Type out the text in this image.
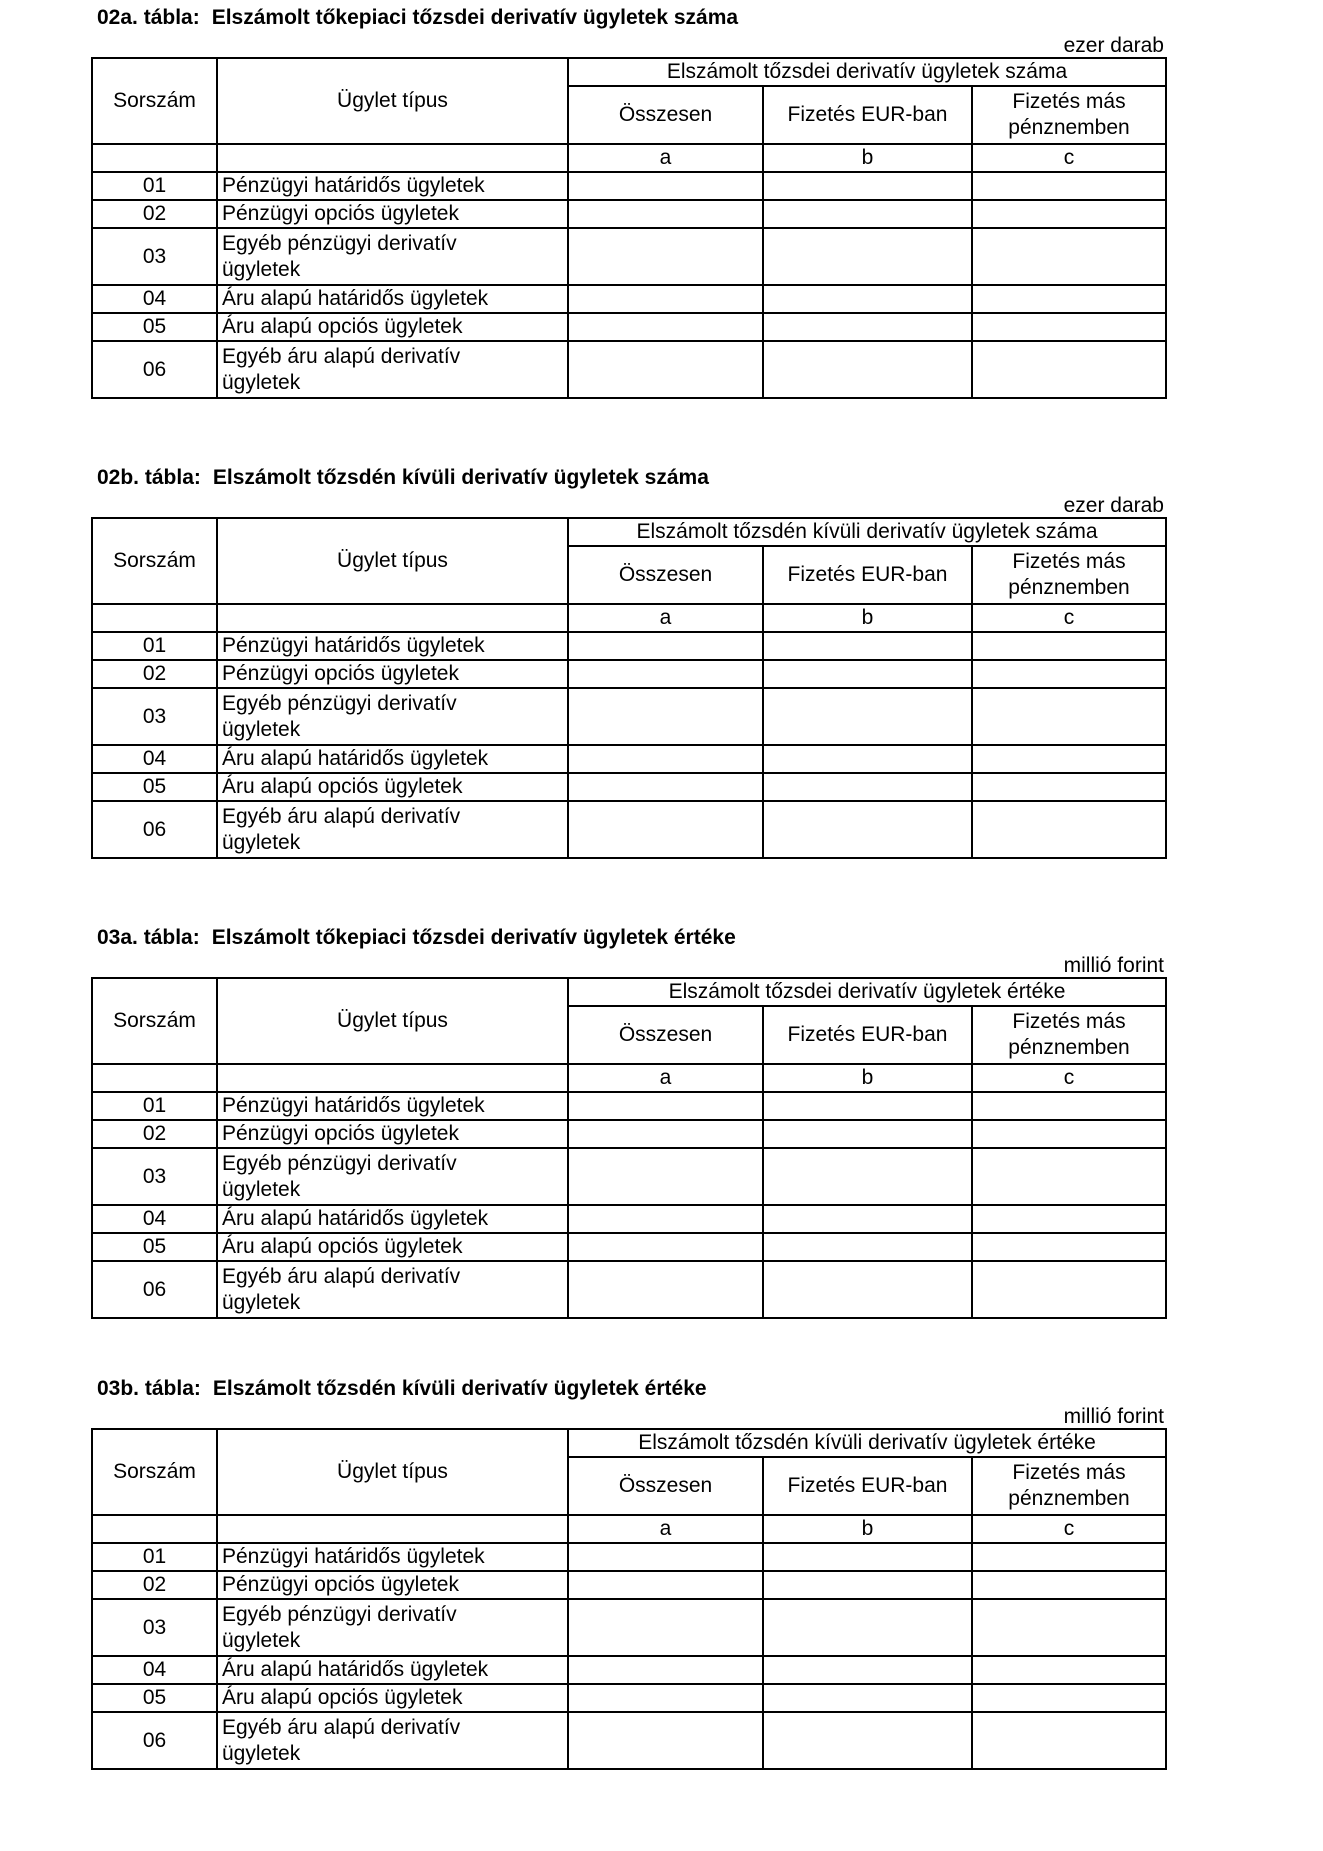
02a. tábla: Elszámolt tőkepiaci tőzsdei derivatív ügyletek száma
ezer darab
Sorszám	Ügylet típus	Elszámolt tőzsdei derivatív ügyletek száma		
		Összesen	Fizetés EUR-ban	Fizetés más pénznemben
		a	b	c
01	Pénzügyi határidős ügyletek			
02	Pénzügyi opciós ügyletek			
03	Egyéb pénzügyi derivatív ügyletek			
04	Áru alapú határidős ügyletek			
05	Áru alapú opciós ügyletek			
06	Egyéb áru alapú derivatív ügyletek			
02b. tábla: Elszámolt tőzsdén kívüli derivatív ügyletek száma
ezer darab
Sorszám	Ügylet típus	Elszámolt tőzsdén kívüli derivatív ügyletek száma		
		Összesen	Fizetés EUR-ban	Fizetés más pénznemben
		a	b	c
01	Pénzügyi határidős ügyletek			
02	Pénzügyi opciós ügyletek			
03	Egyéb pénzügyi derivatív ügyletek			
04	Áru alapú határidős ügyletek			
05	Áru alapú opciós ügyletek			
06	Egyéb áru alapú derivatív ügyletek			
03a. tábla: Elszámolt tőkepiaci tőzsdei derivatív ügyletek értéke
millió forint
Sorszám	Ügylet típus	Elszámolt tőzsdei derivatív ügyletek értéke		
		Összesen	Fizetés EUR-ban	Fizetés más pénznemben
		a	b	c
01	Pénzügyi határidős ügyletek			
02	Pénzügyi opciós ügyletek			
03	Egyéb pénzügyi derivatív ügyletek			
04	Áru alapú határidős ügyletek			
05	Áru alapú opciós ügyletek			
06	Egyéb áru alapú derivatív ügyletek			
03b. tábla: Elszámolt tőzsdén kívüli derivatív ügyletek értéke
millió forint
Sorszám	Ügylet típus	Elszámolt tőzsdén kívüli derivatív ügyletek értéke		
		Összesen	Fizetés EUR-ban	Fizetés más pénznemben
		a	b	c
01	Pénzügyi határidős ügyletek			
02	Pénzügyi opciós ügyletek			
03	Egyéb pénzügyi derivatív ügyletek			
04	Áru alapú határidős ügyletek			
05	Áru alapú opciós ügyletek			
06	Egyéb áru alapú derivatív ügyletek			
